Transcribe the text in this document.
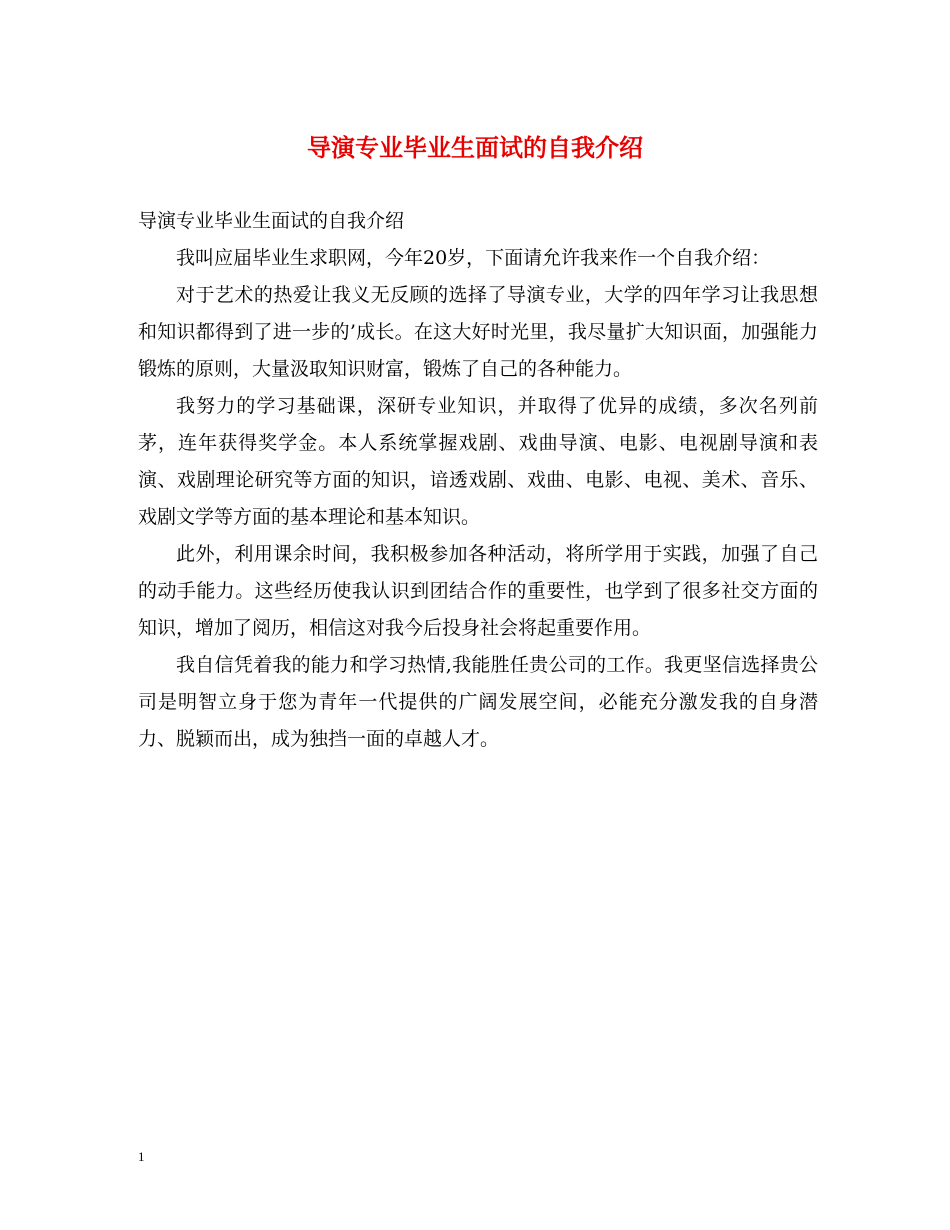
导演专业毕业生面试的自我介绍

导演专业毕业生面试的自我介绍

我叫应届毕业生求职网，今年20岁，下面请允许我来作一个自我介绍：

对于艺术的热爱让我义无反顾的选择了导演专业，大学的四年学习让我思想和知识都得到了进一步的’成长。在这大好时光里，我尽量扩大知识面，加强能力锻炼的原则，大量汲取知识财富，锻炼了自己的各种能力。

我努力的学习基础课，深研专业知识，并取得了优异的成绩，多次名列前茅，连年获得奖学金。本人系统掌握戏剧、戏曲导演、电影、电视剧导演和表演、戏剧理论研究等方面的知识，谙透戏剧、戏曲、电影、电视、美术、音乐、戏剧文学等方面的基本理论和基本知识。

此外，利用课余时间，我积极参加各种活动，将所学用于实践，加强了自己的动手能力。这些经历使我认识到团结合作的重要性，也学到了很多社交方面的知识，增加了阅历，相信这对我今后投身社会将起重要作用。

我自信凭着我的能力和学习热情,我能胜任贵公司的工作。我更坚信选择贵公司是明智立身于您为青年一代提供的广阔发展空间，必能充分激发我的自身潜力、脱颖而出，成为独挡一面的卓越人才。

1
